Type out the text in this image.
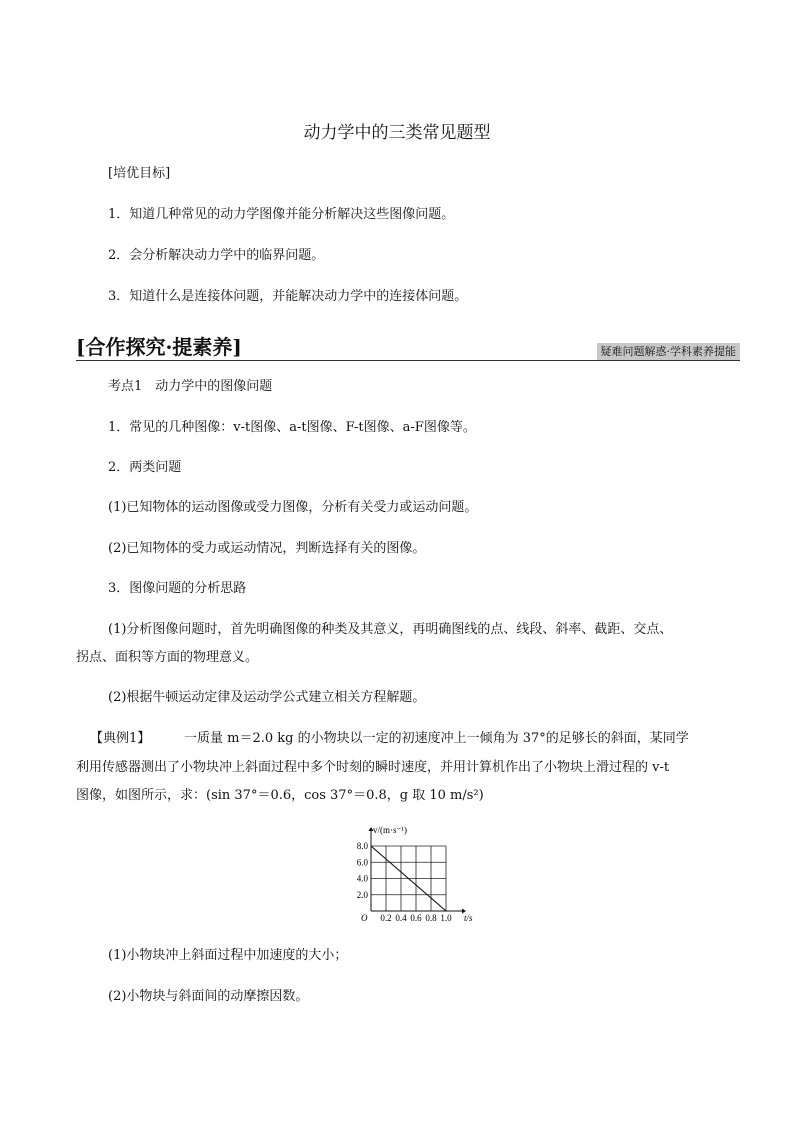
动力学中的三类常见题型
[培优目标]
1．知道几种常见的动力学图像并能分析解决这些图像问题。
2．会分析解决动力学中的临界问题。
3．知道什么是连接体问题，并能解决动力学中的连接体问题。
[合作探究·提素养]	疑难问题解惑·学科素养提能
考点1　动力学中的图像问题
1．常见的几种图像：v-t图像、a-t图像、F-t图像、a-F图像等。
2．两类问题
(1)已知物体的运动图像或受力图像，分析有关受力或运动问题。
(2)已知物体的受力或运动情况，判断选择有关的图像。
3．图像问题的分析思路
(1)分析图像问题时，首先明确图像的种类及其意义，再明确图线的点、线段、斜率、截距、交点、
拐点、面积等方面的物理意义。
(2)根据牛顿运动定律及运动学公式建立相关方程解题。
【典例1】	一质量 m＝2.0 kg 的小物块以一定的初速度冲上一倾角为 37°的足够长的斜面，某同学
利用传感器测出了小物块冲上斜面过程中多个时刻的瞬时速度，并用计算机作出了小物块上滑过程的 v-t
图像，如图所示，求：(sin 37°＝0.6，cos 37°＝0.8，g 取 10 m/s²)
0.2 0.4 0.6 0.8 1.0
2.0
4.0
6.0
8.0
v/(m·s⁻¹)
t/s
O
(1)小物块冲上斜面过程中加速度的大小；
(2)小物块与斜面间的动摩擦因数。
